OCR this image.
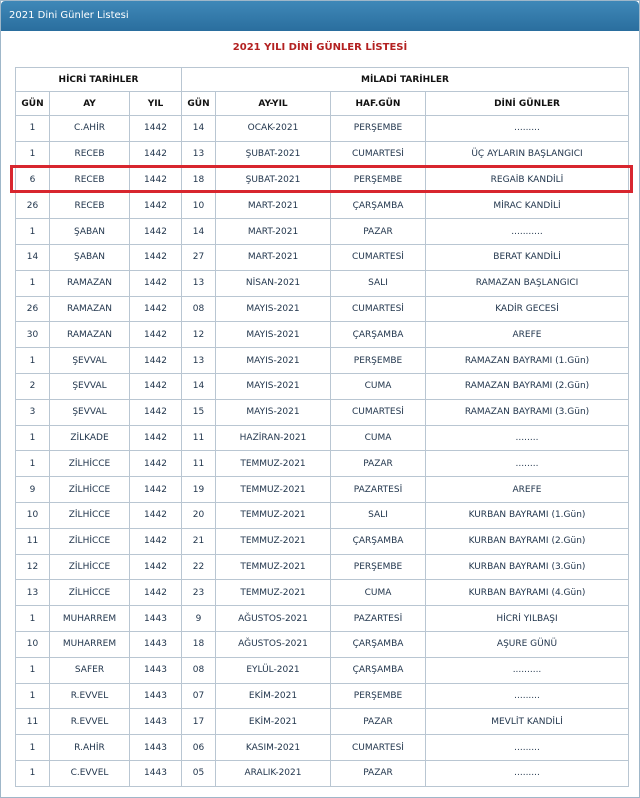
2021 Dini Günler Listesi
2021 YILI DİNİ GÜNLER LİSTESİ
HİCRİ TARİHLER			MİLADİ TARİHLER			
GÜN	AY	YIL	GÜN	AY-YIL	HAF.GÜN	DİNİ GÜNLER
1	C.AHİR	1442	14	OCAK-2021	PERŞEMBE	.........
1	RECEB	1442	13	ŞUBAT-2021	CUMARTESİ	ÜÇ AYLARIN BAŞLANGICI
6	RECEB	1442	18	ŞUBAT-2021	PERŞEMBE	REGAİB KANDİLİ
26	RECEB	1442	10	MART-2021	ÇARŞAMBA	MİRAC KANDİLİ
1	ŞABAN	1442	14	MART-2021	PAZAR	...........
14	ŞABAN	1442	27	MART-2021	CUMARTESİ	BERAT KANDİLİ
1	RAMAZAN	1442	13	NİSAN-2021	SALI	RAMAZAN BAŞLANGICI
26	RAMAZAN	1442	08	MAYIS-2021	CUMARTESİ	KADİR GECESİ
30	RAMAZAN	1442	12	MAYIS-2021	ÇARŞAMBA	AREFE
1	ŞEVVAL	1442	13	MAYIS-2021	PERŞEMBE	RAMAZAN BAYRAMI (1.Gün)
2	ŞEVVAL	1442	14	MAYIS-2021	CUMA	RAMAZAN BAYRAMI (2.Gün)
3	ŞEVVAL	1442	15	MAYIS-2021	CUMARTESİ	RAMAZAN BAYRAMI (3.Gün)
1	ZİLKADE	1442	11	HAZİRAN-2021	CUMA	........
1	ZİLHİCCE	1442	11	TEMMUZ-2021	PAZAR	........
9	ZİLHİCCE	1442	19	TEMMUZ-2021	PAZARTESİ	AREFE
10	ZİLHİCCE	1442	20	TEMMUZ-2021	SALI	KURBAN BAYRAMI (1.Gün)
11	ZİLHİCCE	1442	21	TEMMUZ-2021	ÇARŞAMBA	KURBAN BAYRAMI (2.Gün)
12	ZİLHİCCE	1442	22	TEMMUZ-2021	PERŞEMBE	KURBAN BAYRAMI (3.Gün)
13	ZİLHİCCE	1442	23	TEMMUZ-2021	CUMA	KURBAN BAYRAMI (4.Gün)
1	MUHARREM	1443	9	AĞUSTOS-2021	PAZARTESİ	HİCRİ YILBAŞI
10	MUHARREM	1443	18	AĞUSTOS-2021	ÇARŞAMBA	AŞURE GÜNÜ
1	SAFER	1443	08	EYLÜL-2021	ÇARŞAMBA	..........
1	R.EVVEL	1443	07	EKİM-2021	PERŞEMBE	.........
11	R.EVVEL	1443	17	EKİM-2021	PAZAR	MEVLİT KANDİLİ
1	R.AHİR	1443	06	KASIM-2021	CUMARTESİ	.........
1	C.EVVEL	1443	05	ARALIK-2021	PAZAR	.........
